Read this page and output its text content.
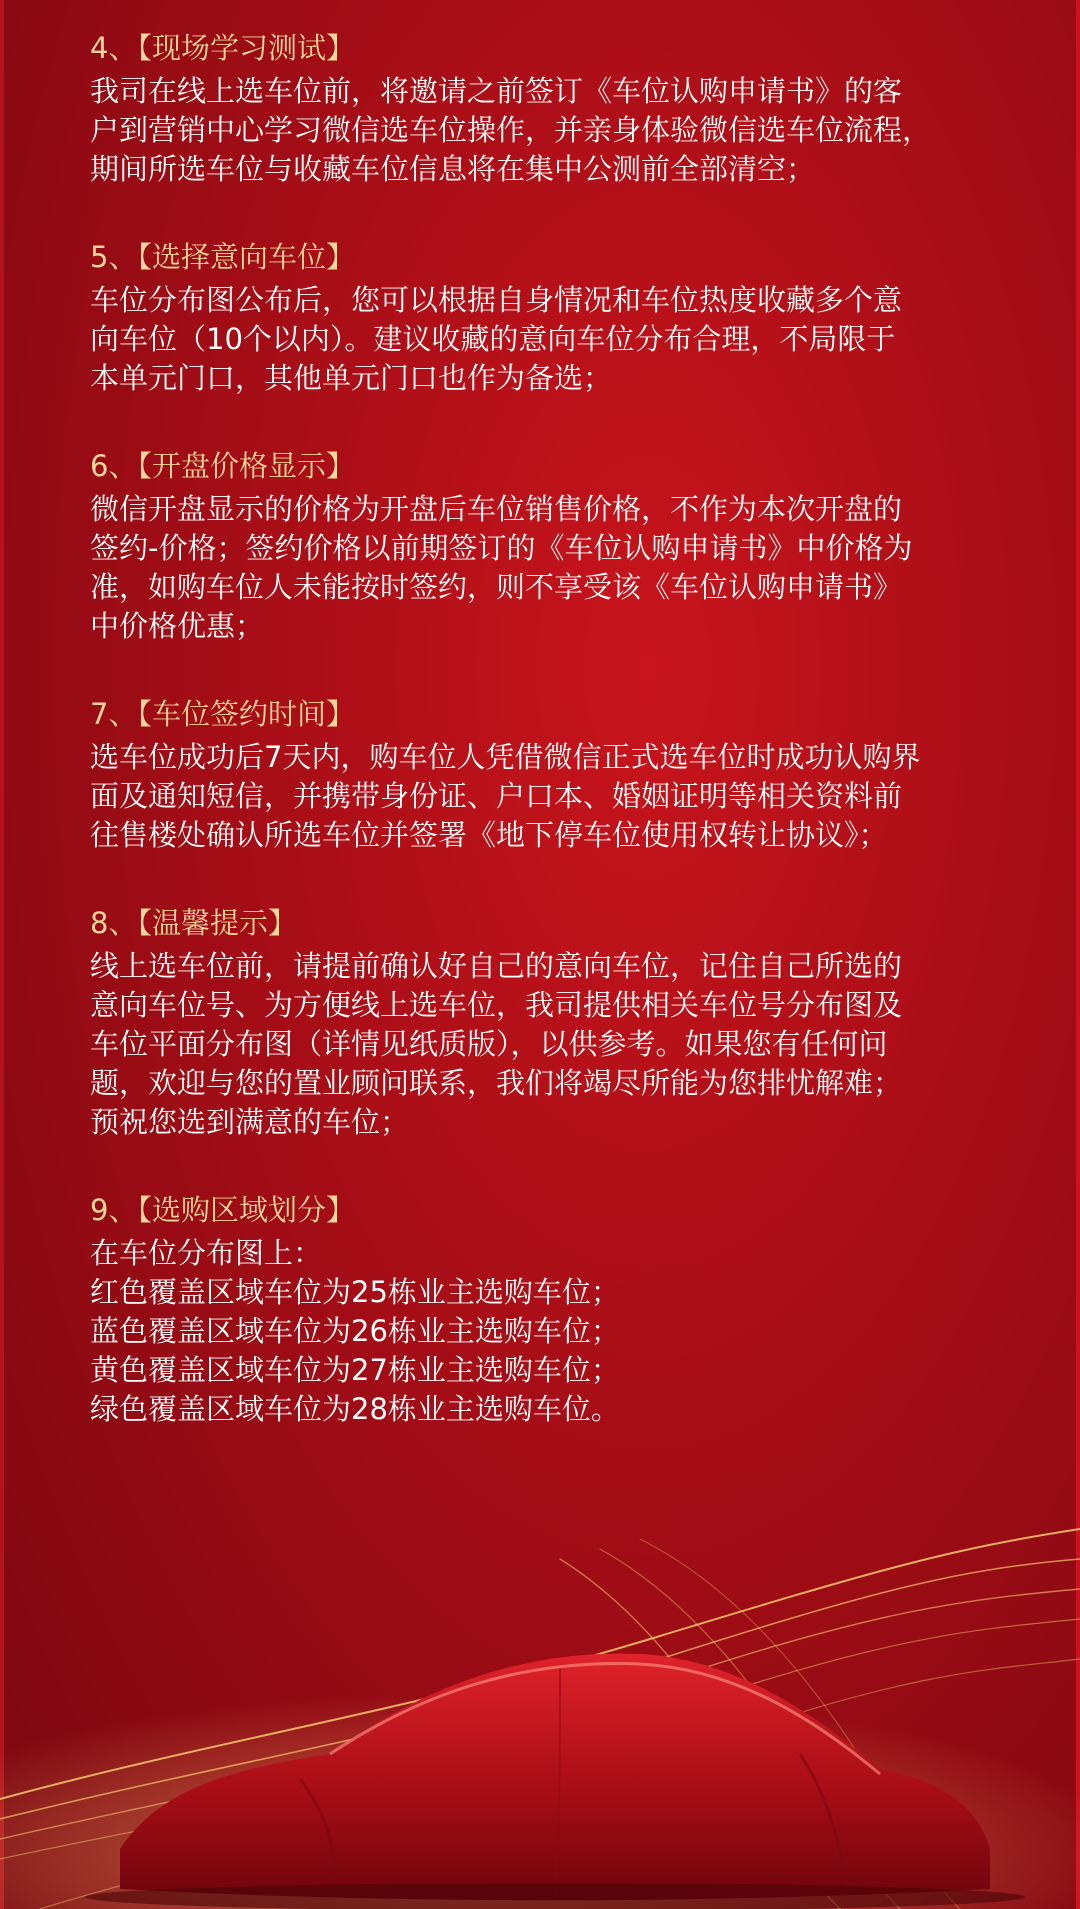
4、【现场学习测试】

我司在线上选车位前，将邀请之前签订《车位认购申请书》的客

户到营销中心学习微信选车位操作，并亲身体验微信选车位流程，

期间所选车位与收藏车位信息将在集中公测前全部清空；

5、【选择意向车位】

车位分布图公布后，您可以根据自身情况和车位热度收藏多个意

向车位（10个以内）。建议收藏的意向车位分布合理，不局限于

本单元门口，其他单元门口也作为备选；

6、【开盘价格显示】

微信开盘显示的价格为开盘后车位销售价格，不作为本次开盘的

签约-价格；签约价格以前期签订的《车位认购申请书》中价格为

准，如购车位人未能按时签约，则不享受该《车位认购申请书》

中价格优惠；

7、【车位签约时间】

选车位成功后7天内，购车位人凭借微信正式选车位时成功认购界

面及通知短信，并携带身份证、户口本、婚姻证明等相关资料前

往售楼处确认所选车位并签署《地下停车位使用权转让协议》；

8、【温馨提示】

线上选车位前，请提前确认好自己的意向车位，记住自己所选的

意向车位号、为方便线上选车位，我司提供相关车位号分布图及

车位平面分布图（详情见纸质版），以供参考。如果您有任何问

题，欢迎与您的置业顾问联系，我们将竭尽所能为您排忧解难；

预祝您选到满意的车位；

9、【选购区域划分】

在车位分布图上：

红色覆盖区域车位为25栋业主选购车位；

蓝色覆盖区域车位为26栋业主选购车位；

黄色覆盖区域车位为27栋业主选购车位；

绿色覆盖区域车位为28栋业主选购车位。
